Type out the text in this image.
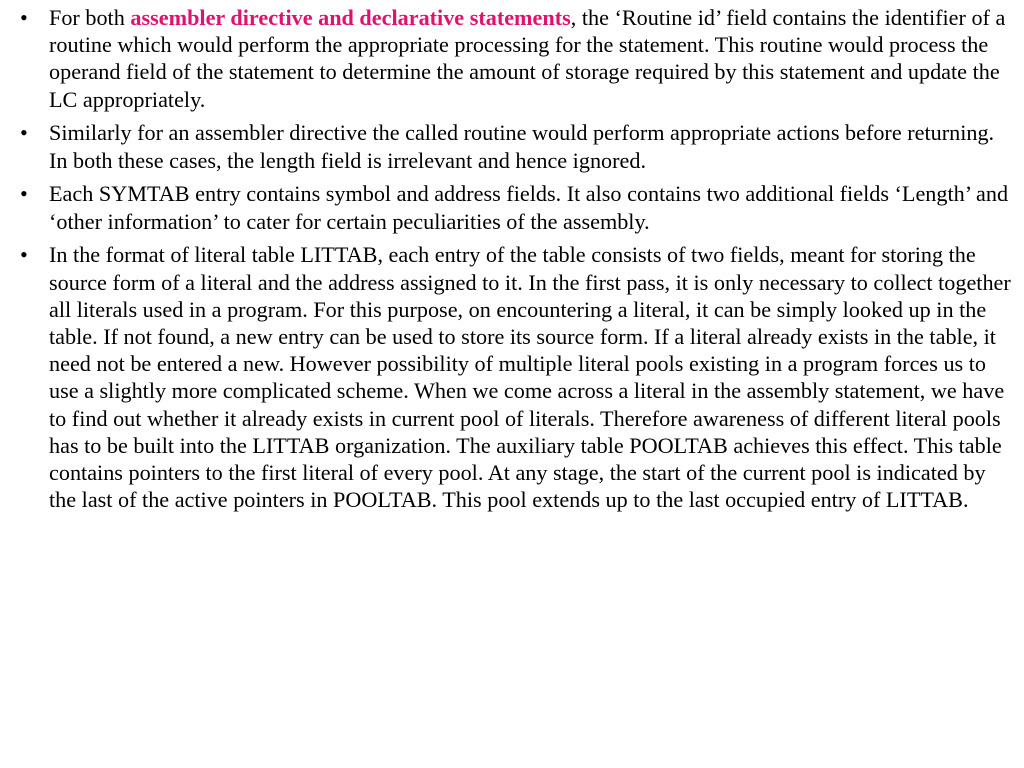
• For both assembler directive and declarative statements, the ‘Routine id’ field contains the identifier of a routine which would perform the appropriate processing for the statement. This routine would process the operand field of the statement to determine the amount of storage required by this statement and update the LC appropriately.
• Similarly for an assembler directive the called routine would perform appropriate actions before returning. In both these cases, the length field is irrelevant and hence ignored.
• Each SYMTAB entry contains symbol and address fields. It also contains two additional fields ‘Length’ and ‘other information’ to cater for certain peculiarities of the assembly.
• In the format of literal table LITTAB, each entry of the table consists of two fields, meant for storing the source form of a literal and the address assigned to it. In the first pass, it is only necessary to collect together all literals used in a program. For this purpose, on encountering a literal, it can be simply looked up in the table. If not found, a new entry can be used to store its source form. If a literal already exists in the table, it need not be entered a new. However possibility of multiple literal pools existing in a program forces us to use a slightly more complicated scheme. When we come across a literal in the assembly statement, we have to find out whether it already exists in current pool of literals. Therefore awareness of different literal pools has to be built into the LITTAB organization. The auxiliary table POOLTAB achieves this effect. This table contains pointers to the first literal of every pool. At any stage, the start of the current pool is indicated by the last of the active pointers in POOLTAB. This pool extends up to the last occupied entry of LITTAB.
